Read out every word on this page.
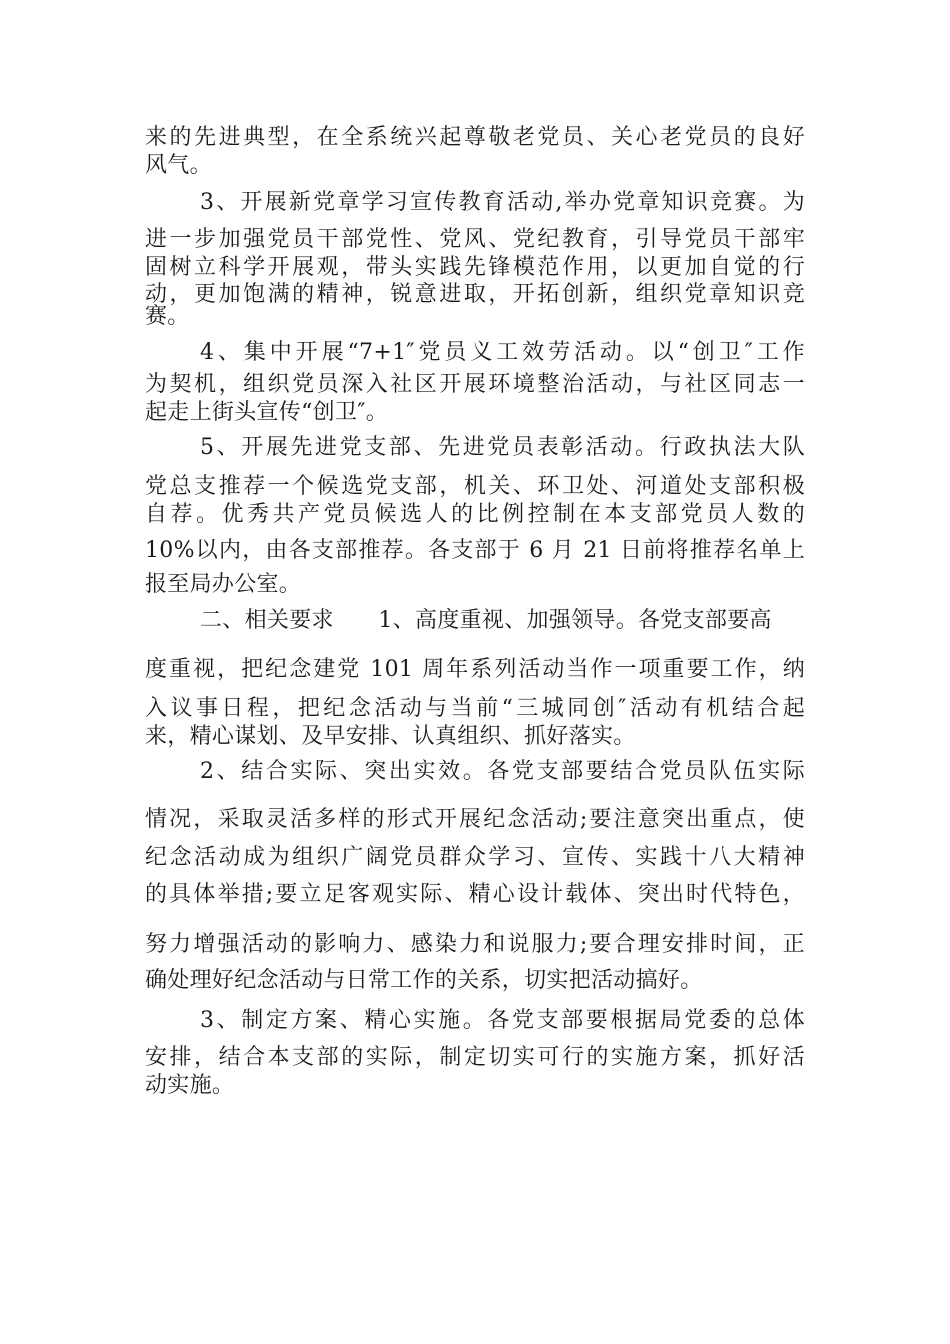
来的先进典型，在全系统兴起尊敬老党员、关心老党员的良好
风气。
3、开展新党章学习宣传教育活动,举办党章知识竞赛。为
进一步加强党员干部党性、党风、党纪教育，引导党员干部牢
固树立科学开展观，带头实践先锋模范作用，以更加自觉的行
动，更加饱满的精神，锐意进取，开拓创新，组织党章知识竞
赛。
4、集中开展“7+1″党员义工效劳活动。以“创卫″工作
为契机，组织党员深入社区开展环境整治活动，与社区同志一
起走上街头宣传“创卫″。
5、开展先进党支部、先进党员表彰活动。行政执法大队
党总支推荐一个候选党支部，机关、环卫处、河道处支部积极
自荐。优秀共产党员候选人的比例控制在本支部党员人数的
10%以内，由各支部推荐。各支部于 6 月 21 日前将推荐名单上
报至局办公室。
二、相关要求　　1、高度重视、加强领导。各党支部要高
度重视，把纪念建党 101 周年系列活动当作一项重要工作，纳
入议事日程，把纪念活动与当前“三城同创″活动有机结合起
来，精心谋划、及早安排、认真组织、抓好落实。
2、结合实际、突出实效。各党支部要结合党员队伍实际
情况，采取灵活多样的形式开展纪念活动;要注意突出重点，使
纪念活动成为组织广阔党员群众学习、宣传、实践十八大精神
的具体举措;要立足客观实际、精心设计载体、突出时代特色，
努力增强活动的影响力、感染力和说服力;要合理安排时间，正
确处理好纪念活动与日常工作的关系，切实把活动搞好。
3、制定方案、精心实施。各党支部要根据局党委的总体
安排，结合本支部的实际，制定切实可行的实施方案，抓好活
动实施。
